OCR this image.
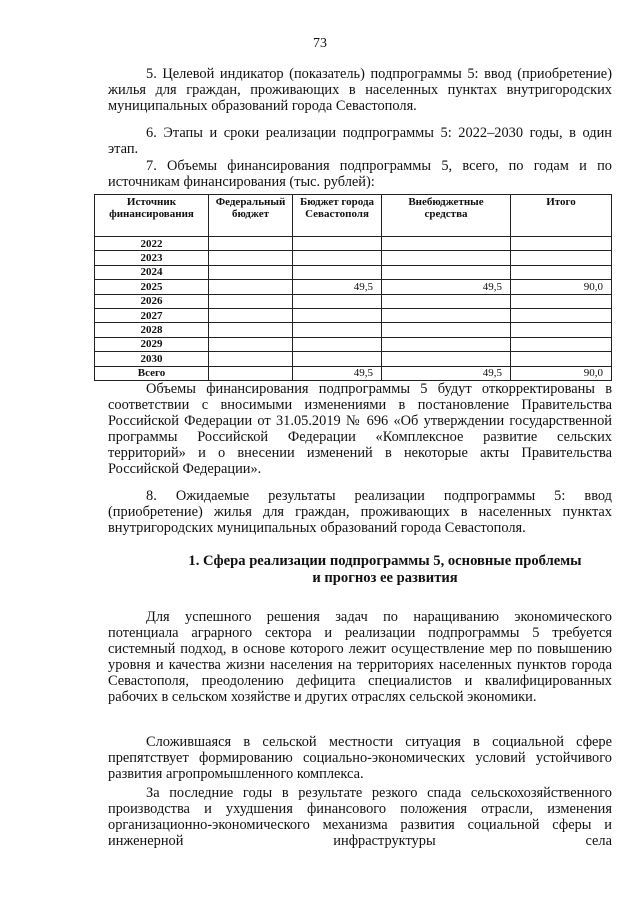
73

5. Целевой индикатор (показатель) подпрограммы 5: ввод (приобретение) жилья для граждан, проживающих в населенных пунктах внутригородских муниципальных образований города Севастополя.

6. Этапы и сроки реализации подпрограммы 5: 2022–2030 годы, в один этап.

7. Объемы финансирования подпрограммы 5, всего, по годам и по источникам финансирования (тыс. рублей):

Источник финансирования	Федеральный бюджет	Бюджет города Севастополя	Внебюджетные средства	Итого
2022				
2023				
2024				
2025		49,5	49,5	90,0
2026				
2027				
2028				
2029				
2030				
Всего		49,5	49,5	90,0

Объемы финансирования подпрограммы 5 будут откорректированы в соответствии с вносимыми изменениями в постановление Правительства Российской Федерации от 31.05.2019 № 696 «Об утверждении государственной программы Российской Федерации «Комплексное развитие сельских территорий» и о внесении изменений в некоторые акты Правительства Российской Федерации».

8. Ожидаемые результаты реализации подпрограммы 5: ввод (приобретение) жилья для граждан, проживающих в населенных пунктах внутригородских муниципальных образований города Севастополя.

1. Сфера реализации подпрограммы 5, основные проблемы
и прогноз ее развития

Для успешного решения задач по наращиванию экономического потенциала аграрного сектора и реализации подпрограммы 5 требуется системный подход, в основе которого лежит осуществление мер по повышению уровня и качества жизни населения на территориях населенных пунктов города Севастополя, преодолению дефицита специалистов и квалифицированных рабочих в сельском хозяйстве и других отраслях сельской экономики.

Сложившаяся в сельской местности ситуация в социальной сфере препятствует формированию социально-экономических условий устойчивого развития агропромышленного комплекса.

За последние годы в результате резкого спада сельскохозяйственного производства и ухудшения финансового положения отрасли, изменения организационно-экономического механизма развития социальной сферы и инженерной инфраструктуры села
